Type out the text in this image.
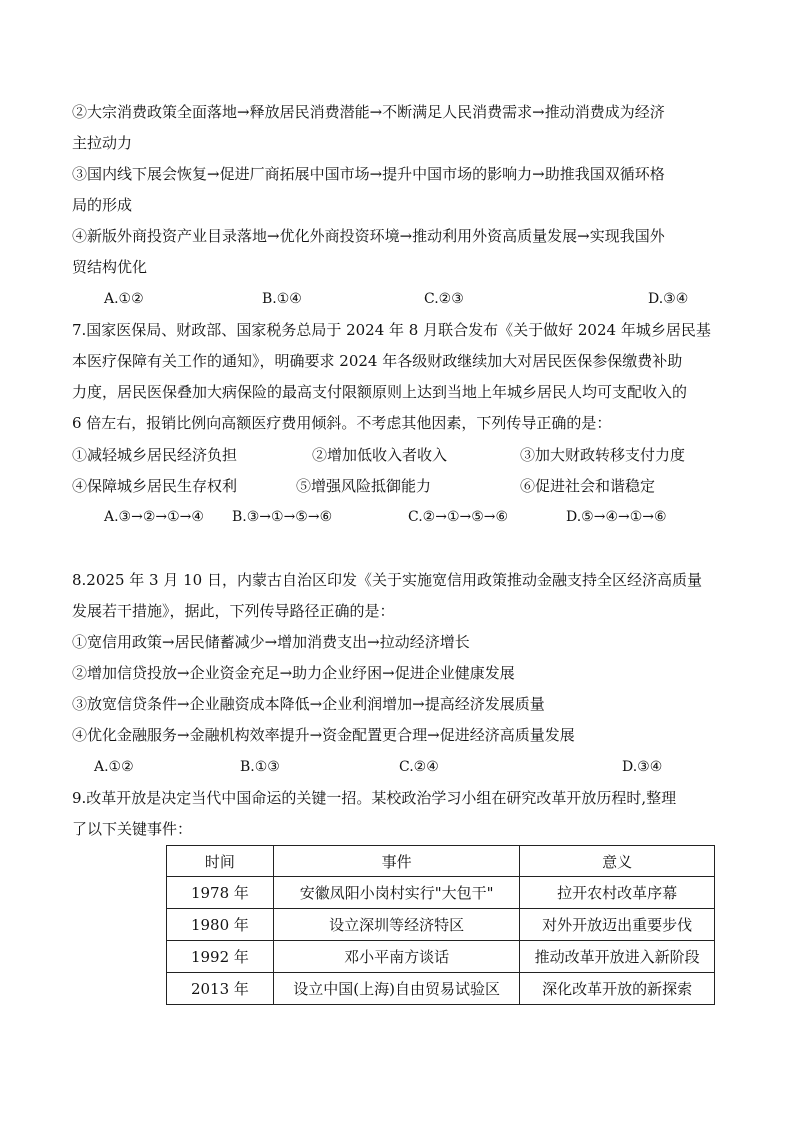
②大宗消费政策全面落地→释放居民消费潜能→不断满足人民消费需求→推动消费成为经济
主拉动力
③国内线下展会恢复→促进厂商拓展中国市场→提升中国市场的影响力→助推我国双循环格
局的形成
④新版外商投资产业目录落地→优化外商投资环境→推动利用外资高质量发展→实现我国外
贸结构优化
A.①②	B.①④	C.②③	D.③④
7.国家医保局、财政部、国家税务总局于 2024 年 8 月联合发布《关于做好 2024 年城乡居民基
本医疗保障有关工作的通知》，明确要求 2024 年各级财政继续加大对居民医保参保缴费补助
力度，居民医保叠加大病保险的最高支付限额原则上达到当地上年城乡居民人均可支配收入的
6 倍左右，报销比例向高额医疗费用倾斜。不考虑其他因素，下列传导正确的是：
①减轻城乡居民经济负担	②增加低收入者收入	③加大财政转移支付力度
④保障城乡居民生存权利	⑤增强风险抵御能力	⑥促进社会和谐稳定
A.③→②→①→④ B.③→①→⑤→⑥	C.②→①→⑤→⑥	D.⑤→④→①→⑥
8.2025 年 3 月 10 日，内蒙古自治区印发《关于实施宽信用政策推动金融支持全区经济高质量
发展若干措施》，据此，下列传导路径正确的是：
①宽信用政策→居民储蓄减少→增加消费支出→拉动经济增长
②增加信贷投放→企业资金充足→助力企业纾困→促进企业健康发展
③放宽信贷条件→企业融资成本降低→企业利润增加→提高经济发展质量
④优化金融服务→金融机构效率提升→资金配置更合理→促进经济高质量发展
A.①②	B.①③	C.②④	D.③④
9.改革开放是决定当代中国命运的关键一招。某校政治学习小组在研究改革开放历程时,整理
了以下关键事件：
时间	事件	意义
1978 年	安徽凤阳小岗村实行"大包干"	拉开农村改革序幕
1980 年	设立深圳等经济特区	对外开放迈出重要步伐
1992 年	邓小平南方谈话	推动改革开放进入新阶段
2013 年	设立中国(上海)自由贸易试验区	深化改革开放的新探索
